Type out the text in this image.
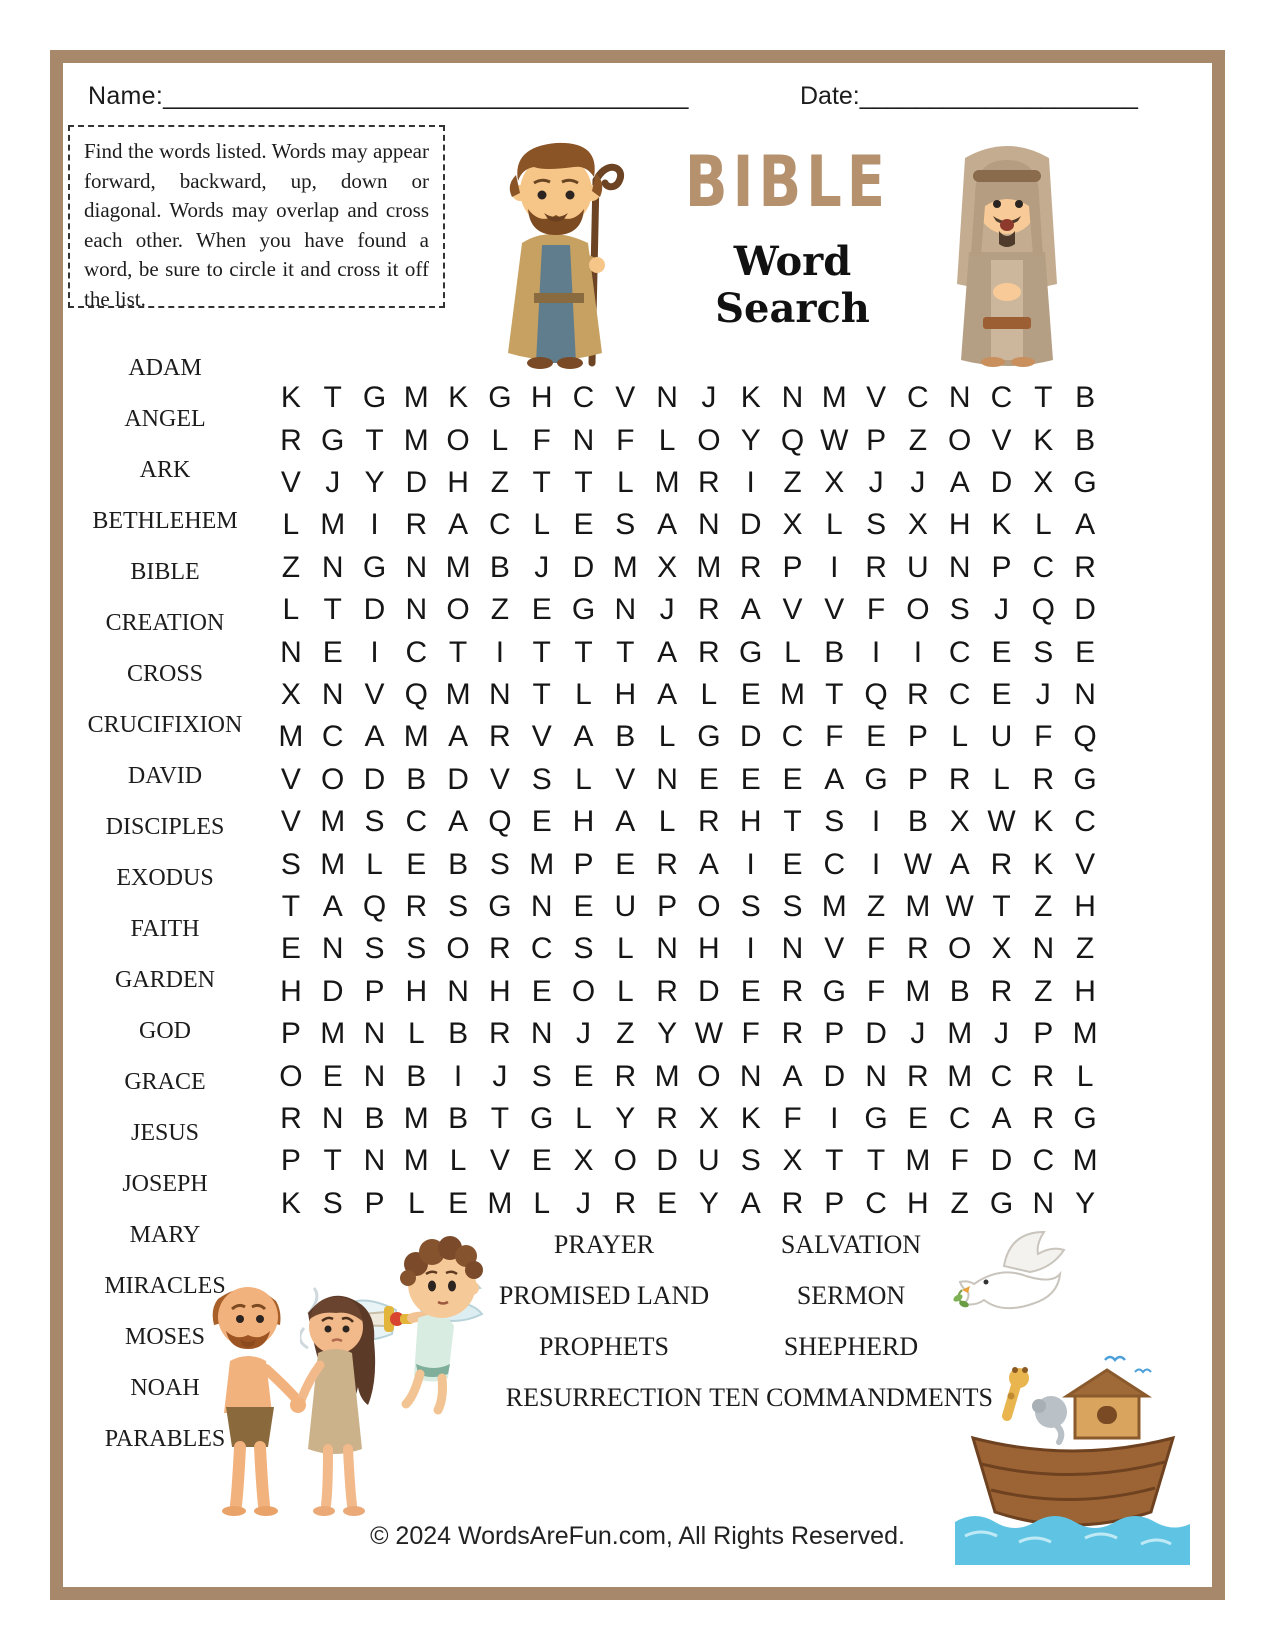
Name:_____________________________________	Date:____________________
Find the words listed. Words may appear forward, backward, up, down or diagonal. Words may overlap and cross each other. When you have found a word, be sure to circle it and cross it off the list.
BIBLE
Word Search
ADAM
ANGEL
ARK
BETHLEHEM
BIBLE
CREATION
CROSS
CRUCIFIXION
DAVID
DISCIPLES
EXODUS
FAITH
GARDEN
GOD
GRACE
JESUS
JOSEPH
MARY
MIRACLES
MOSES
NOAH
PARABLES
K T G M K G H C V N J K N M V C N C T B
R G T M O L F N F L O Y Q W P Z O V K B
V J Y D H Z T T L M R I Z X J J A D X G
L M I R A C L E S A N D X L S X H K L A
Z N G N M B J D M X M R P I R U N P C R
L T D N O Z E G N J R A V V F O S J Q D
N E I C T I T T T A R G L B I	I C E S E
X N V Q M N T L H A L E M T Q R C E J N
M C A M A R V A B L G D C F E P L U F Q
V O D B D V S L V N E E E A G P R L R G
V M S C A Q E H A L R H T S I B X W K C
S M L E B S M P E R A I E C I W A R K V
T A Q R S G N E U P O S S M Z M W T Z H
E N S S O R C S L N H I N V F R O X N Z
H D P H N H E O L R D E R G F M B R Z H
P M N L B R N J Z Y W F R P D J M J P M
O E N B I	J S E R M O N A D N R M C R L
R N B M B T G L Y R X K F I G E C A R G
P T N M L V E X O D U S X T T M F D C M
K S P L E M L J R E Y A R P C H Z G N Y
PRAYER
PROMISED LAND
PROPHETS
RESURRECTION
SALVATION
SERMON
SHEPHERD
TEN COMMANDMENTS
© 2024 WordsAreFun.com, All Rights Reserved.
